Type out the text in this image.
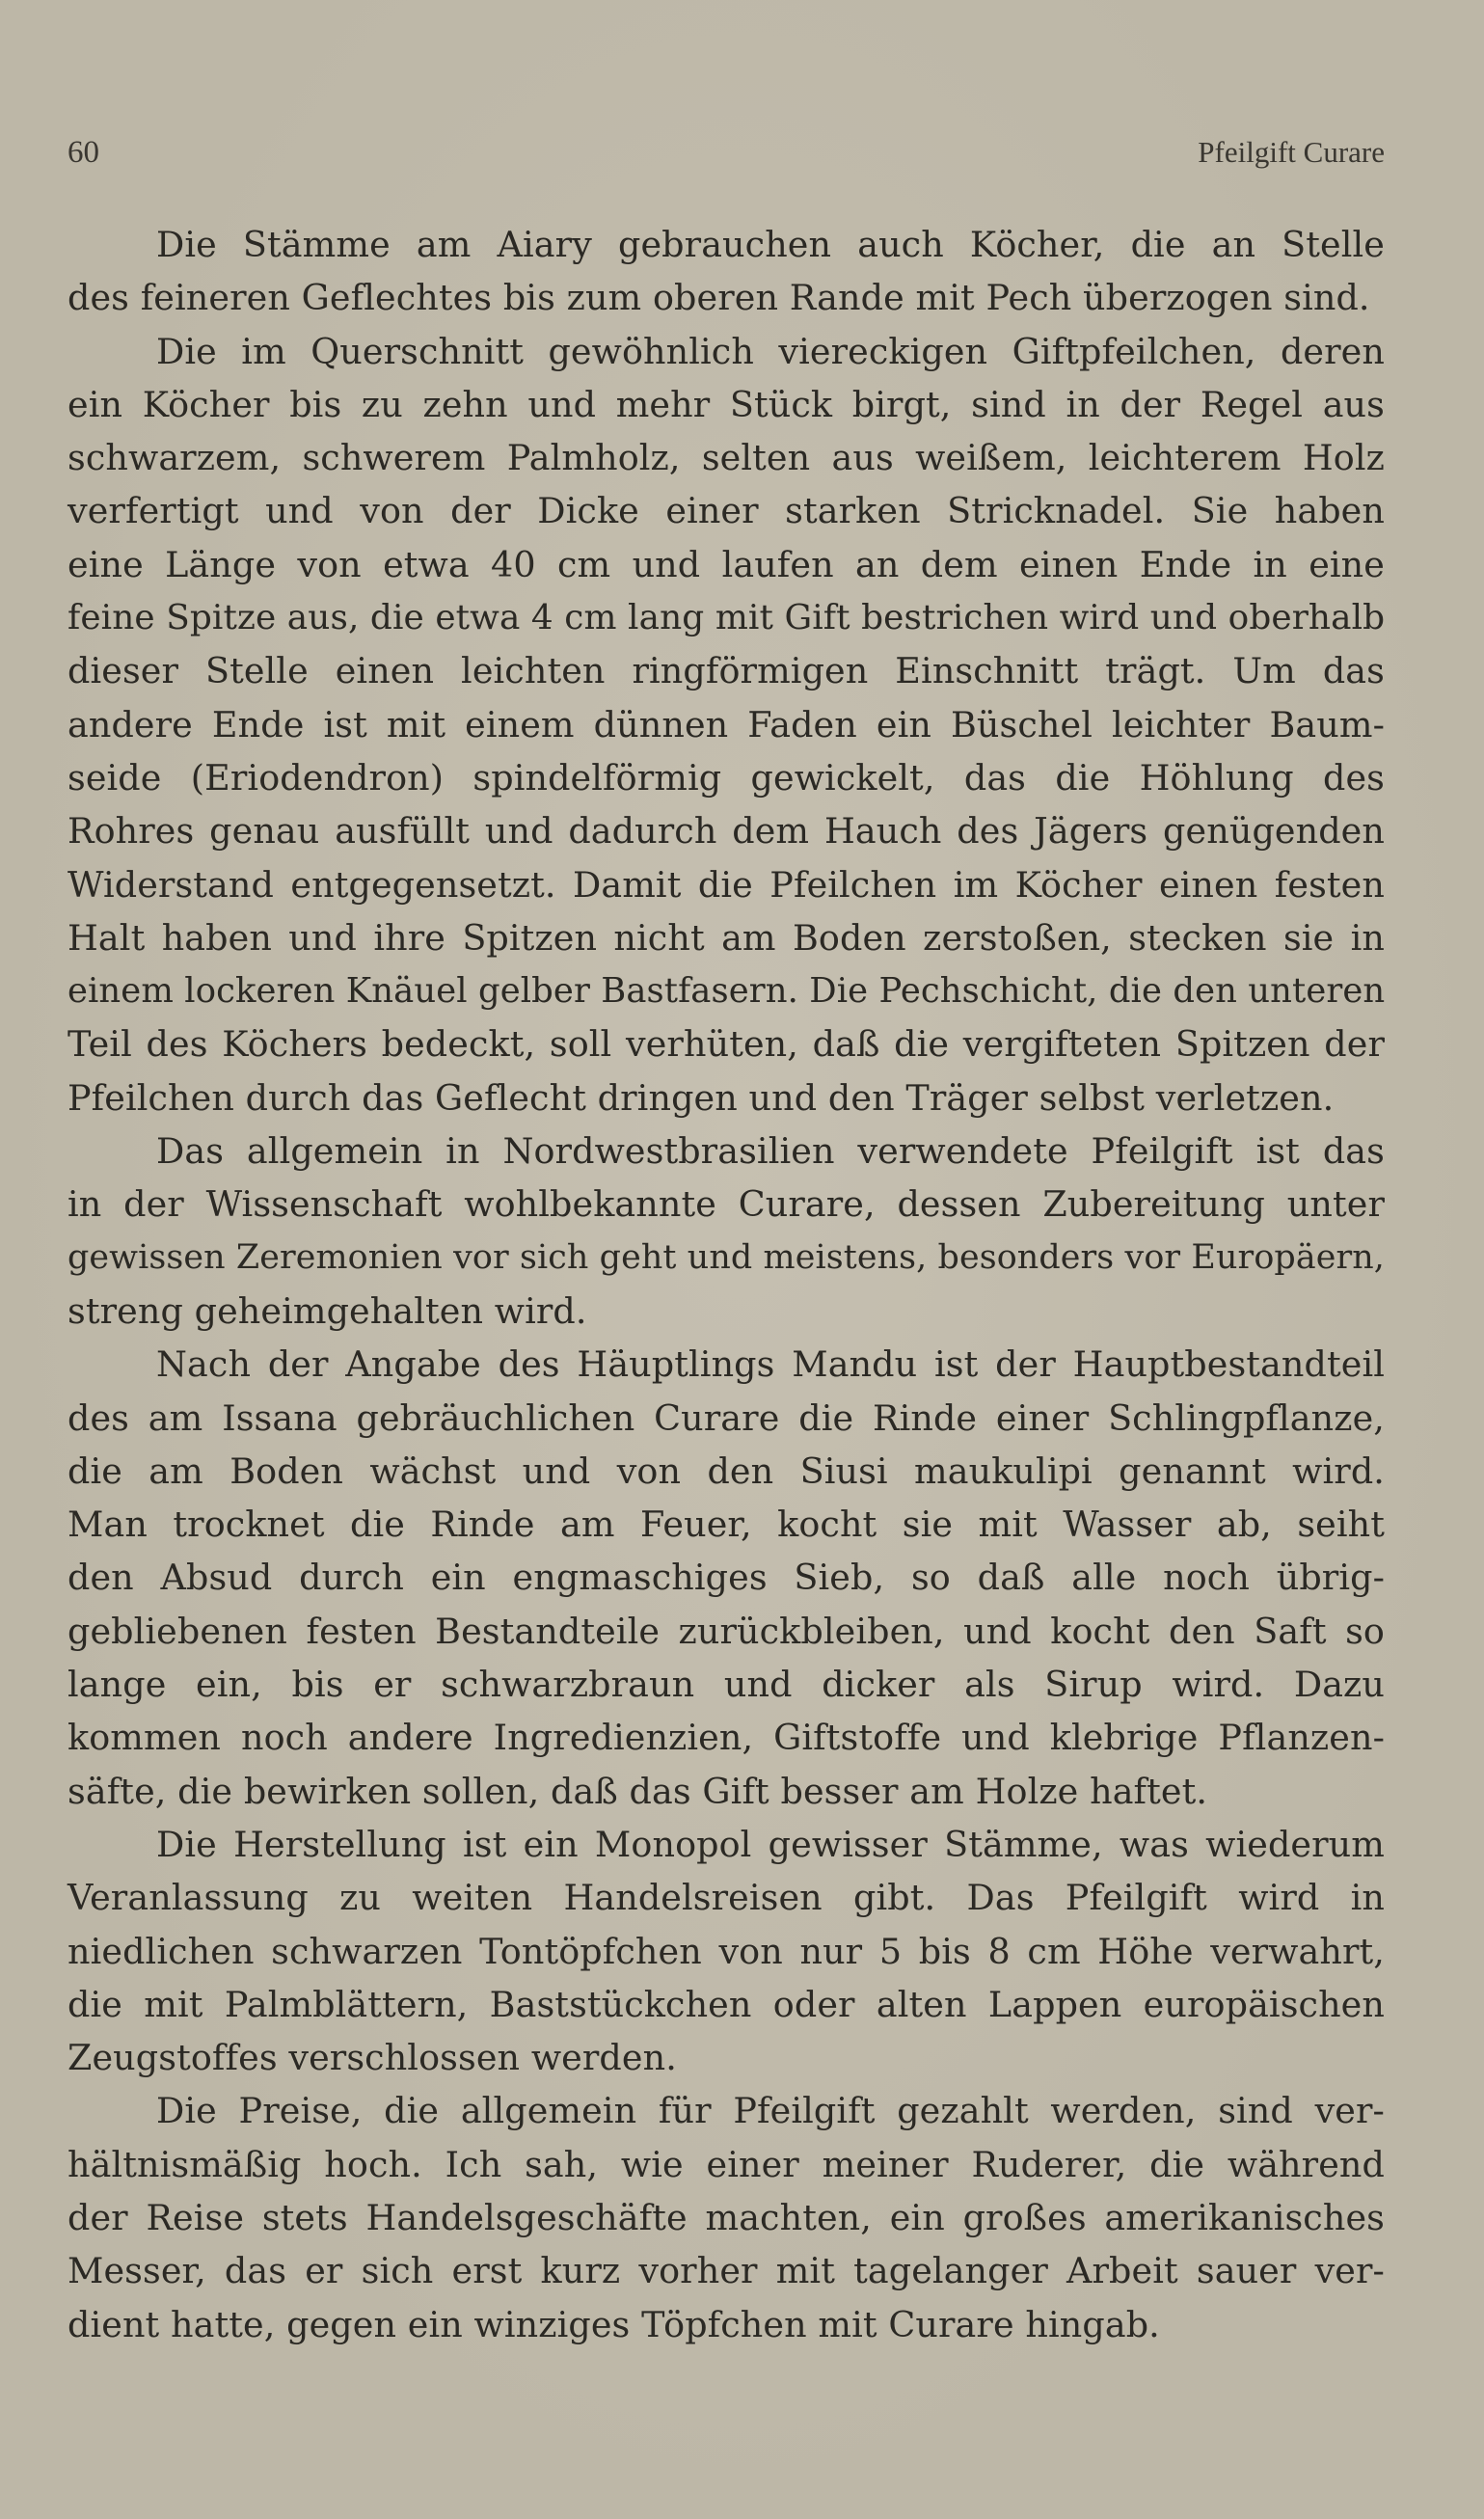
60	Pfeilgift Curare
Die Stämme am Aiary gebrauchen auch Köcher, die an Stelle
des feineren Geflechtes bis zum oberen Rande mit Pech überzogen sind.
Die im Querschnitt gewöhnlich viereckigen Giftpfeilchen, deren
ein Köcher bis zu zehn und mehr Stück birgt, sind in der Regel aus
schwarzem, schwerem Palmholz, selten aus weißem, leichterem Holz
verfertigt und von der Dicke einer starken Stricknadel. Sie haben
eine Länge von etwa 40 cm und laufen an dem einen Ende in eine
feine Spitze aus, die etwa 4 cm lang mit Gift bestrichen wird und oberhalb
dieser Stelle einen leichten ringförmigen Einschnitt trägt. Um das
andere Ende ist mit einem dünnen Faden ein Büschel leichter Baum-
seide (Eriodendron) spindelförmig gewickelt, das die Höhlung des
Rohres genau ausfüllt und dadurch dem Hauch des Jägers genügenden
Widerstand entgegensetzt. Damit die Pfeilchen im Köcher einen festen
Halt haben und ihre Spitzen nicht am Boden zerstoßen, stecken sie in
einem lockeren Knäuel gelber Bastfasern. Die Pechschicht, die den unteren
Teil des Köchers bedeckt, soll verhüten, daß die vergifteten Spitzen der
Pfeilchen durch das Geflecht dringen und den Träger selbst verletzen.
Das allgemein in Nordwestbrasilien verwendete Pfeilgift ist das
in der Wissenschaft wohlbekannte Curare, dessen Zubereitung unter
gewissen Zeremonien vor sich geht und meistens, besonders vor Europäern,
streng geheimgehalten wird.
Nach der Angabe des Häuptlings Mandu ist der Hauptbestandteil
des am Issana gebräuchlichen Curare die Rinde einer Schlingpflanze,
die am Boden wächst und von den Siusi maukulipi genannt wird.
Man trocknet die Rinde am Feuer, kocht sie mit Wasser ab, seiht
den Absud durch ein engmaschiges Sieb, so daß alle noch übrig-
gebliebenen festen Bestandteile zurückbleiben, und kocht den Saft so
lange ein, bis er schwarzbraun und dicker als Sirup wird. Dazu
kommen noch andere Ingredienzien, Giftstoffe und klebrige Pflanzen-
säfte, die bewirken sollen, daß das Gift besser am Holze haftet.
Die Herstellung ist ein Monopol gewisser Stämme, was wiederum
Veranlassung zu weiten Handelsreisen gibt. Das Pfeilgift wird in
niedlichen schwarzen Tontöpfchen von nur 5 bis 8 cm Höhe verwahrt,
die mit Palmblättern, Baststückchen oder alten Lappen europäischen
Zeugstoffes verschlossen werden.
Die Preise, die allgemein für Pfeilgift gezahlt werden, sind ver-
hältnismäßig hoch. Ich sah, wie einer meiner Ruderer, die während
der Reise stets Handelsgeschäfte machten, ein großes amerikanisches
Messer, das er sich erst kurz vorher mit tagelanger Arbeit sauer ver-
dient hatte, gegen ein winziges Töpfchen mit Curare hingab.
